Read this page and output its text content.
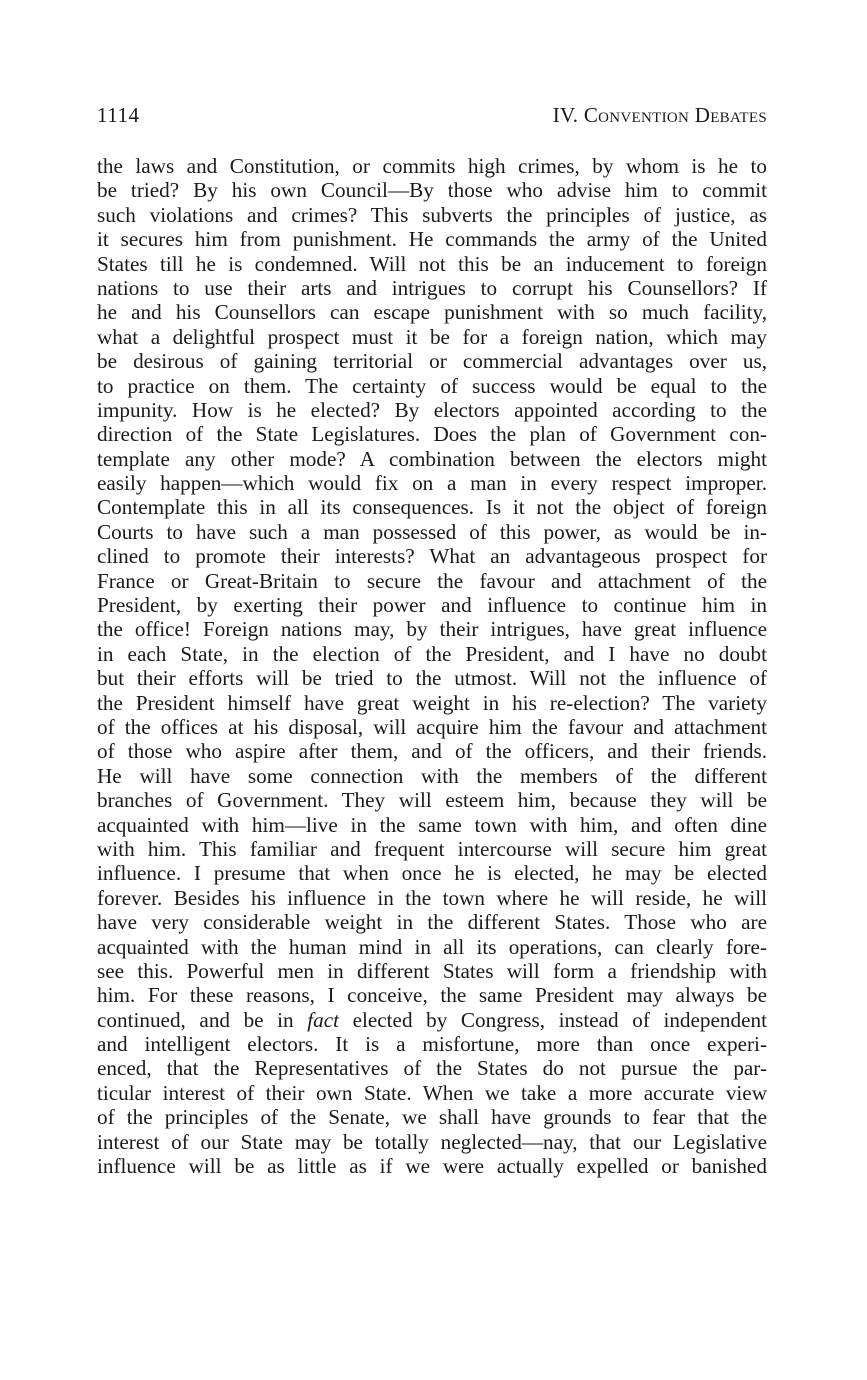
1114	IV. Convention Debates
the laws and Constitution, or commits high crimes, by whom is he to
be tried? By his own Council—By those who advise him to commit
such violations and crimes? This subverts the principles of justice, as
it secures him from punishment. He commands the army of the United
States till he is condemned. Will not this be an inducement to foreign
nations to use their arts and intrigues to corrupt his Counsellors? If
he and his Counsellors can escape punishment with so much facility,
what a delightful prospect must it be for a foreign nation, which may
be desirous of gaining territorial or commercial advantages over us,
to practice on them. The certainty of success would be equal to the
impunity. How is he elected? By electors appointed according to the
direction of the State Legislatures. Does the plan of Government con-
template any other mode? A combination between the electors might
easily happen—which would fix on a man in every respect improper.
Contemplate this in all its consequences. Is it not the object of foreign
Courts to have such a man possessed of this power, as would be in-
clined to promote their interests? What an advantageous prospect for
France or Great-Britain to secure the favour and attachment of the
President, by exerting their power and influence to continue him in
the office! Foreign nations may, by their intrigues, have great influence
in each State, in the election of the President, and I have no doubt
but their efforts will be tried to the utmost. Will not the influence of
the President himself have great weight in his re-election? The variety
of the offices at his disposal, will acquire him the favour and attachment
of those who aspire after them, and of the officers, and their friends.
He will have some connection with the members of the different
branches of Government. They will esteem him, because they will be
acquainted with him—live in the same town with him, and often dine
with him. This familiar and frequent intercourse will secure him great
influence. I presume that when once he is elected, he may be elected
forever. Besides his influence in the town where he will reside, he will
have very considerable weight in the different States. Those who are
acquainted with the human mind in all its operations, can clearly fore-
see this. Powerful men in different States will form a friendship with
him. For these reasons, I conceive, the same President may always be
continued, and be in fact elected by Congress, instead of independent
and intelligent electors. It is a misfortune, more than once experi-
enced, that the Representatives of the States do not pursue the par-
ticular interest of their own State. When we take a more accurate view
of the principles of the Senate, we shall have grounds to fear that the
interest of our State may be totally neglected—nay, that our Legislative
influence will be as little as if we were actually expelled or banished
